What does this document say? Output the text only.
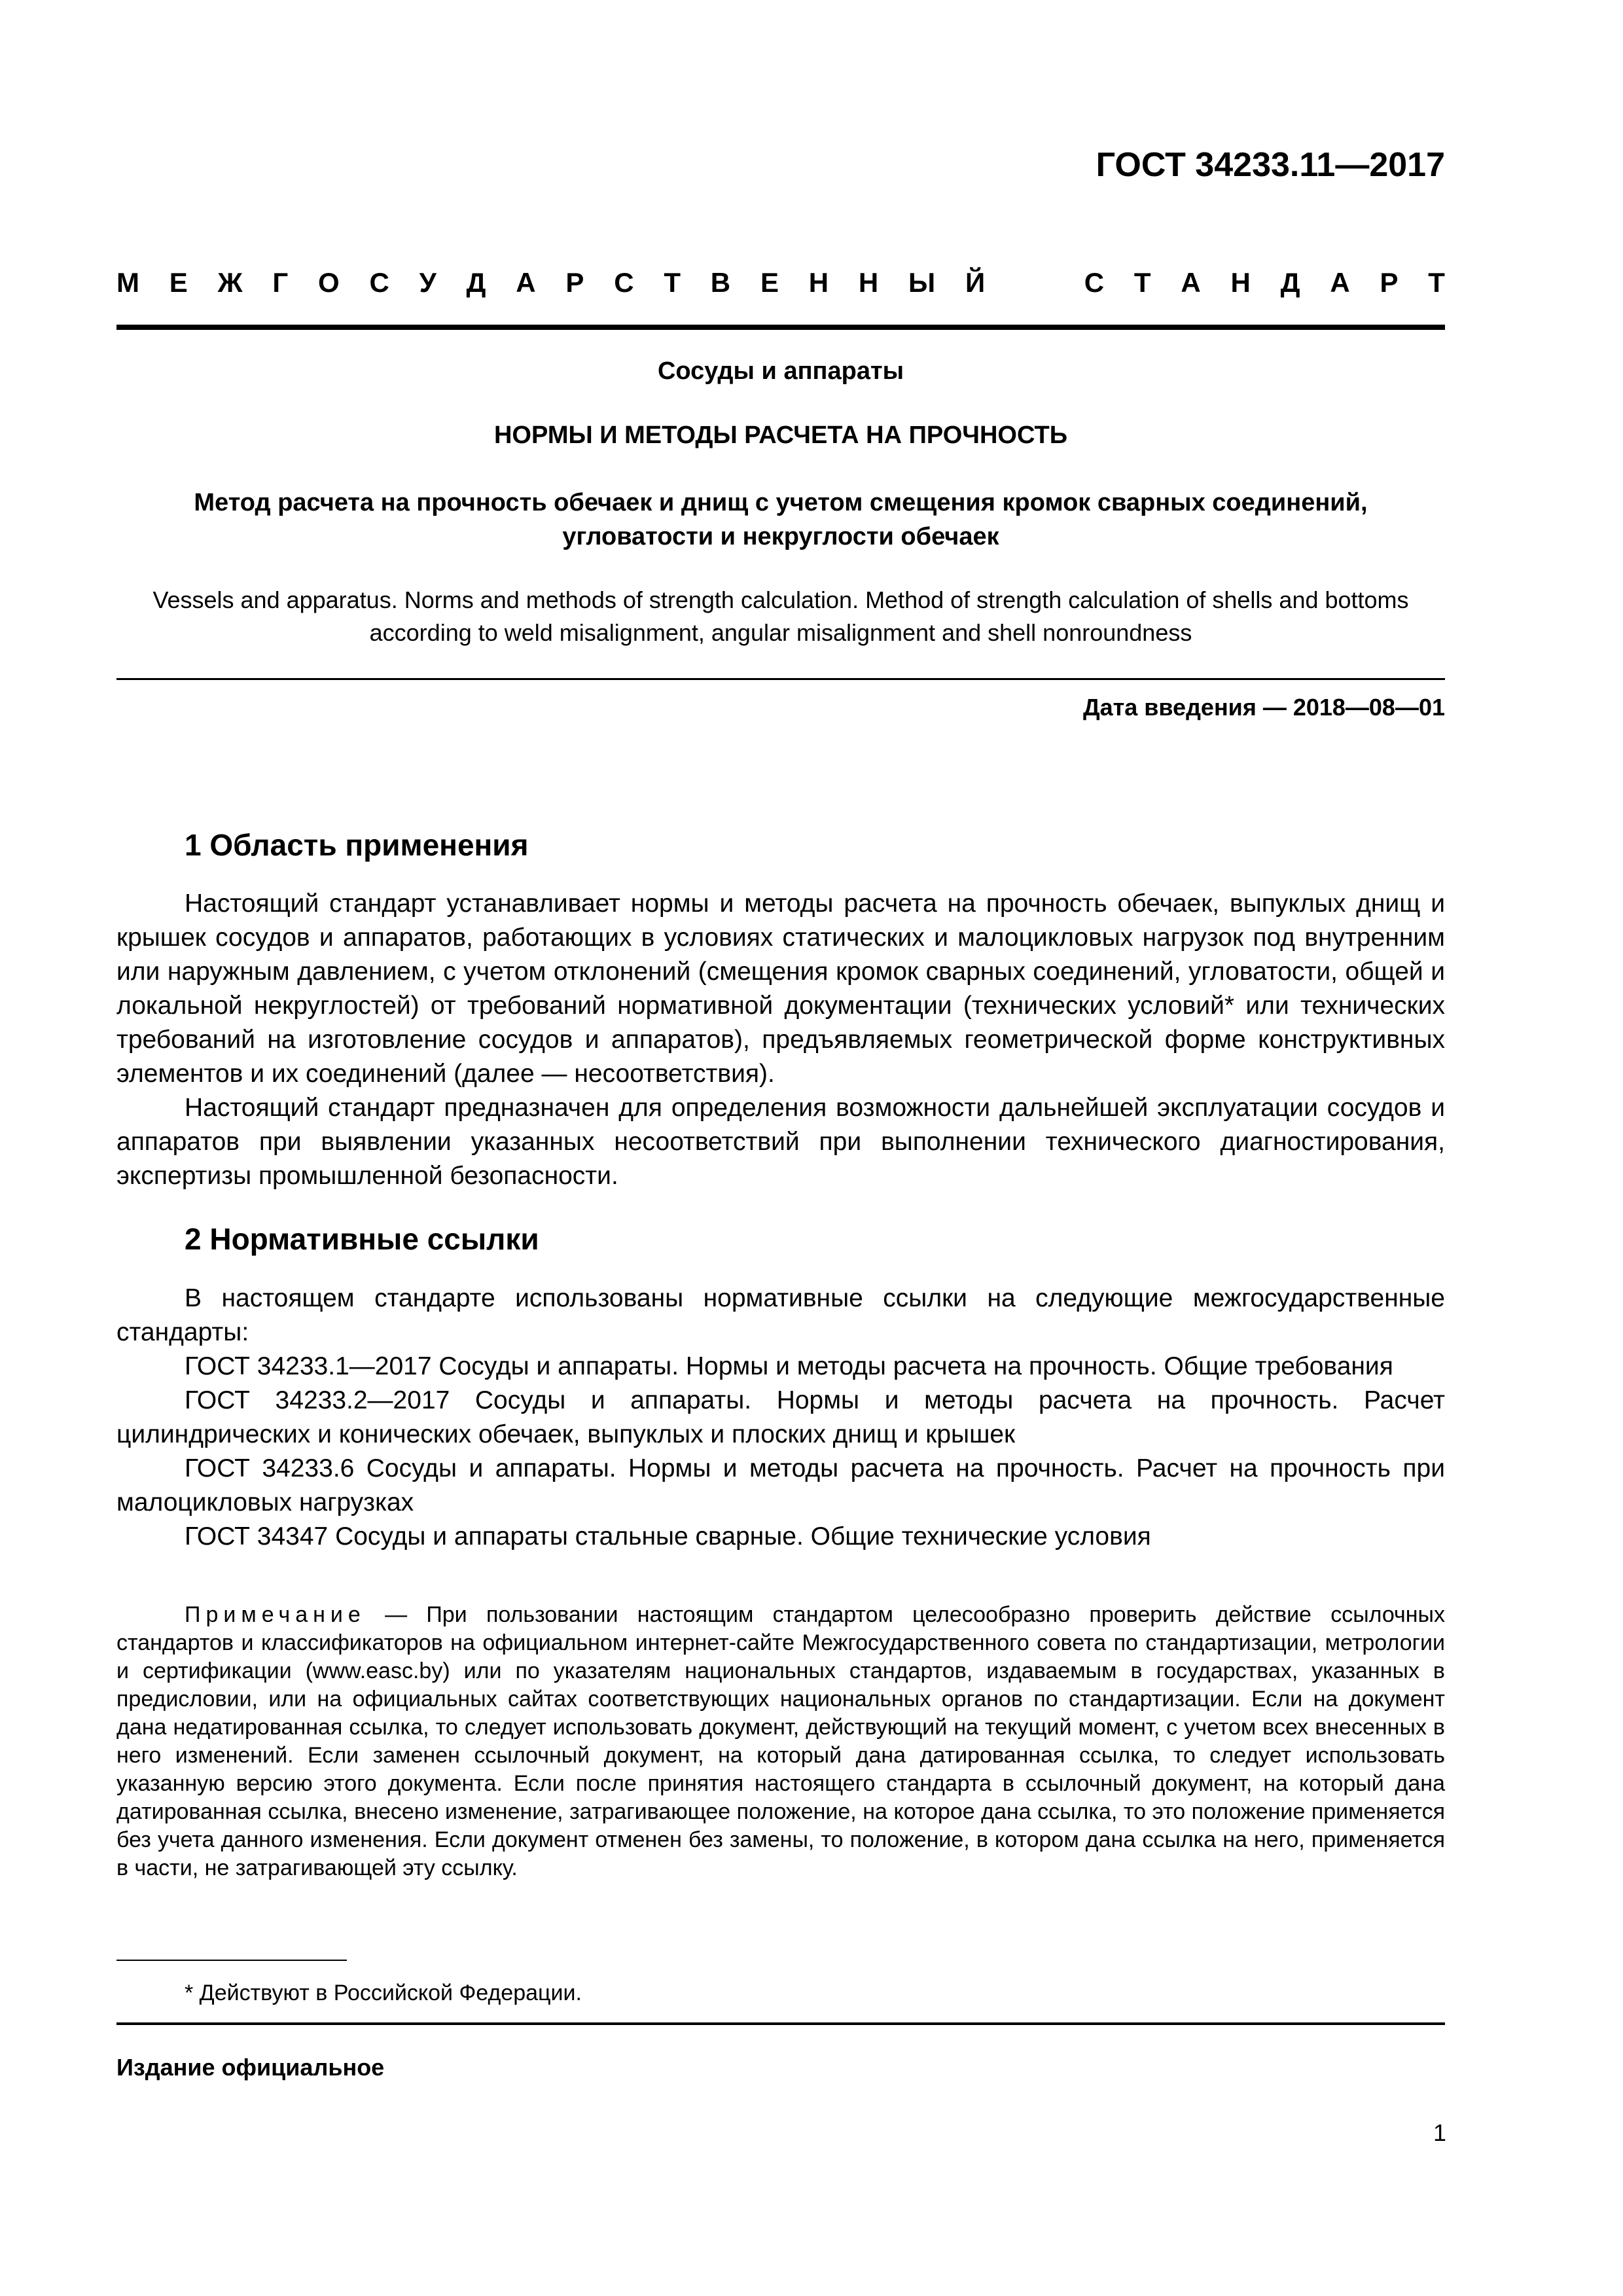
ГОСТ 34233.11—2017
М Е Ж Г О С У Д А Р С Т В Е Н Н Ы Й	С Т А Н Д А Р Т
Сосуды и аппараты
НОРМЫ И МЕТОДЫ РАСЧЕТА НА ПРОЧНОСТЬ
Метод расчета на прочность обечаек и днищ с учетом смещения кромок сварных соединений,
угловатости и некруглости обечаек
Vessels and apparatus. Norms and methods of strength calculation. Method of strength calculation of shells and bottoms
according to weld misalignment, angular misalignment and shell nonroundness
Дата введения — 2018—08—01
1 Область применения

Настоящий стандарт устанавливает нормы и методы расчета на прочность обечаек, выпуклых днищ и крышек сосудов и аппаратов, работающих в условиях статических и малоцикловых нагрузок под внутренним или наружным давлением, с учетом отклонений (смещения кромок сварных соединений, угловатости, общей и локальной некруглостей) от требований нормативной документации (технических условий* или технических требований на изготовление сосудов и аппаратов), предъявляемых геометрической форме конструктивных элементов и их соединений (далее — несоответствия).

Настоящий стандарт предназначен для определения возможности дальнейшей эксплуатации сосудов и аппаратов при выявлении указанных несоответствий при выполнении технического диагностирования, экспертизы промышленной безопасности.

2 Нормативные ссылки

В настоящем стандарте использованы нормативные ссылки на следующие межгосударственные стандарты:

ГОСТ 34233.1—2017 Сосуды и аппараты. Нормы и методы расчета на прочность. Общие требования

ГОСТ 34233.2—2017 Сосуды и аппараты. Нормы и методы расчета на прочность. Расчет цилиндрических и конических обечаек, выпуклых и плоских днищ и крышек

ГОСТ 34233.6 Сосуды и аппараты. Нормы и методы расчета на прочность. Расчет на прочность при малоцикловых нагрузках

ГОСТ 34347 Сосуды и аппараты стальные сварные. Общие технические условия

Примечание — При пользовании настоящим стандартом целесообразно проверить действие ссылочных стандартов и классификаторов на официальном интернет-сайте Межгосударственного совета по стандартизации, метрологии и сертификации (www.easc.by) или по указателям национальных стандартов, издаваемым в государствах, указанных в предисловии, или на официальных сайтах соответствующих национальных органов по стандартизации. Если на документ дана недатированная ссылка, то следует использовать документ, действующий на текущий момент, с учетом всех внесенных в него изменений. Если заменен ссылочный документ, на который дана датированная ссылка, то следует использовать указанную версию этого документа. Если после принятия настоящего стандарта в ссылочный документ, на который дана датированная ссылка, внесено изменение, затрагивающее положение, на которое дана ссылка, то это положение применяется без учета данного изменения. Если документ отменен без замены, то положение, в котором дана ссылка на него, применяется в части, не затрагивающей эту ссылку.
* Действуют в Российской Федерации.
Издание официальное
1
